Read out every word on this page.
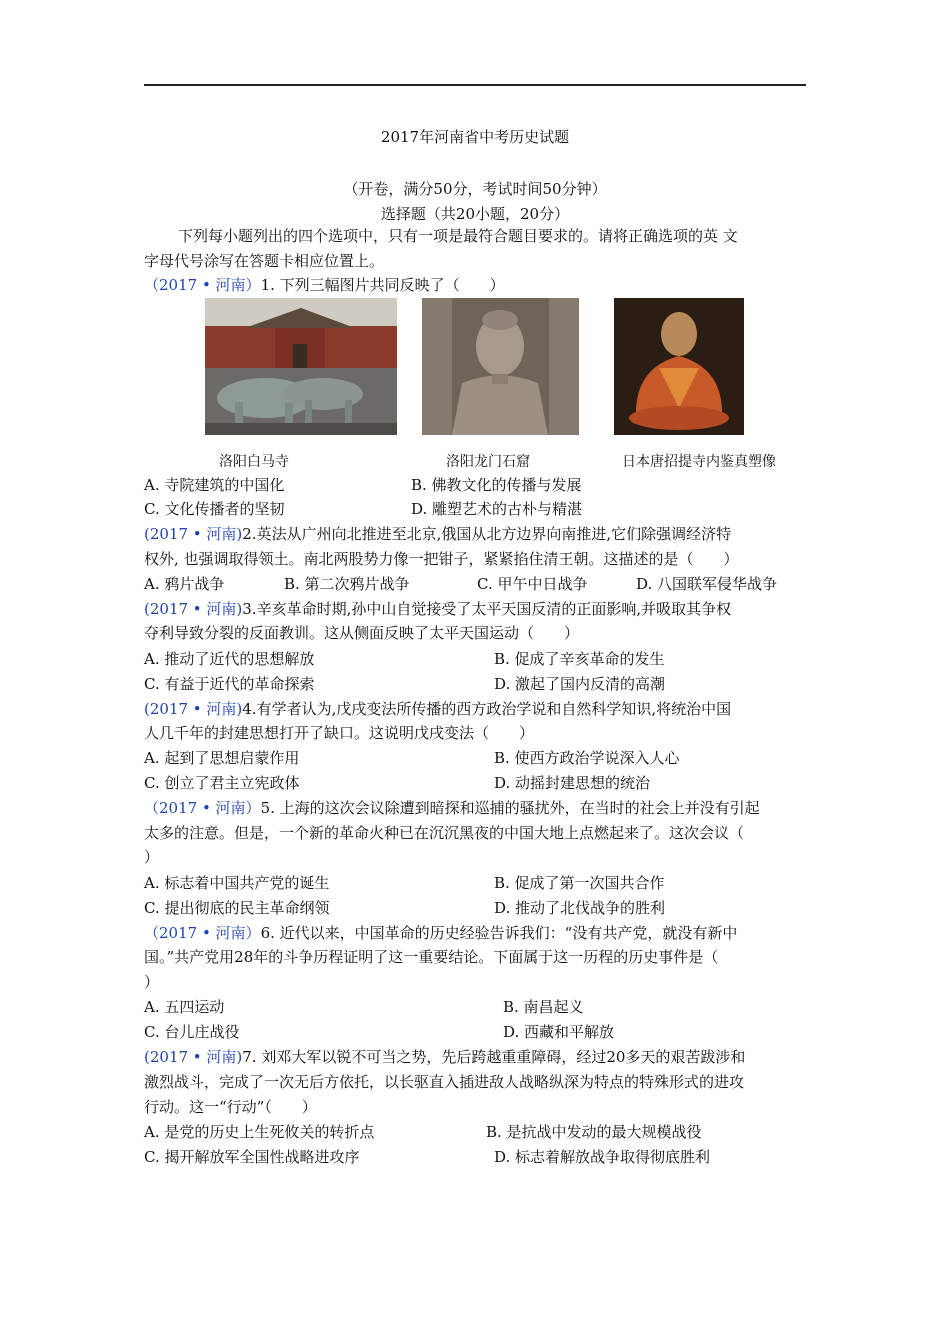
2017年河南省中考历史试题
（开卷，满分50分，考试时间50分钟）
选择题（共20小题，20分）
下列每小题列出的四个选项中，只有一项是最符合题目要求的。请将正确选项的英 文
字母代号涂写在答题卡相应位置上。
（2017 • 河南）1. 下列三幅图片共同反映了（　　）
洛阳白马寺	洛阳龙门石窟	日本唐招提寺内鉴真塑像
A. 寺院建筑的中国化	B. 佛教文化的传播与发展
C. 文化传播者的坚韧	D. 雕塑艺术的古朴与精湛
(2017 • 河南)2.英法从广州向北推进至北京,俄国从北方边界向南推进,它们除强调经济特
权外, 也强调取得领土。南北两股势力像一把钳子，紧紧掐住清王朝。这描述的是（　　）
A. 鸦片战争	B. 第二次鸦片战争	C. 甲午中日战争	D. 八国联军侵华战争
(2017 • 河南)3.辛亥革命时期,孙中山自觉接受了太平天国反清的正面影响,并吸取其争权
夺利导致分裂的反面教训。这从侧面反映了太平天国运动（　　）
A. 推动了近代的思想解放	B. 促成了辛亥革命的发生
C. 有益于近代的革命探索	D. 激起了国内反清的高潮
(2017 • 河南)4.有学者认为,戊戌变法所传播的西方政治学说和自然科学知识,将统治中国
人几千年的封建思想打开了缺口。这说明戊戌变法（　　）
A. 起到了思想启蒙作用	B. 使西方政治学说深入人心
C. 创立了君主立宪政体	D. 动摇封建思想的统治
（2017 • 河南）5. 上海的这次会议除遭到暗探和巡捕的骚扰外，在当时的社会上并没有引起
太多的注意。但是，一个新的革命火种已在沉沉黑夜的中国大地上点燃起来了。这次会议（
）
A. 标志着中国共产党的诞生	B. 促成了第一次国共合作
C. 提出彻底的民主革命纲领	D. 推动了北伐战争的胜利
（2017 • 河南）6. 近代以来，中国革命的历史经验告诉我们：“没有共产党，就没有新中
国。”共产党用28年的斗争历程证明了这一重要结论。下面属于这一历程的历史事件是（
）
A. 五四运动	B. 南昌起义
C. 台儿庄战役	D. 西藏和平解放
(2017 • 河南)7. 刘邓大军以锐不可当之势，先后跨越重重障碍，经过20多天的艰苦跋涉和
激烈战斗，完成了一次无后方依托，以长驱直入插进敌人战略纵深为特点的特殊形式的进攻
行动。这一“行动”（　　）
A. 是党的历史上生死攸关的转折点	B. 是抗战中发动的最大规模战役
C. 揭开解放军全国性战略进攻序	D. 标志着解放战争取得彻底胜利
